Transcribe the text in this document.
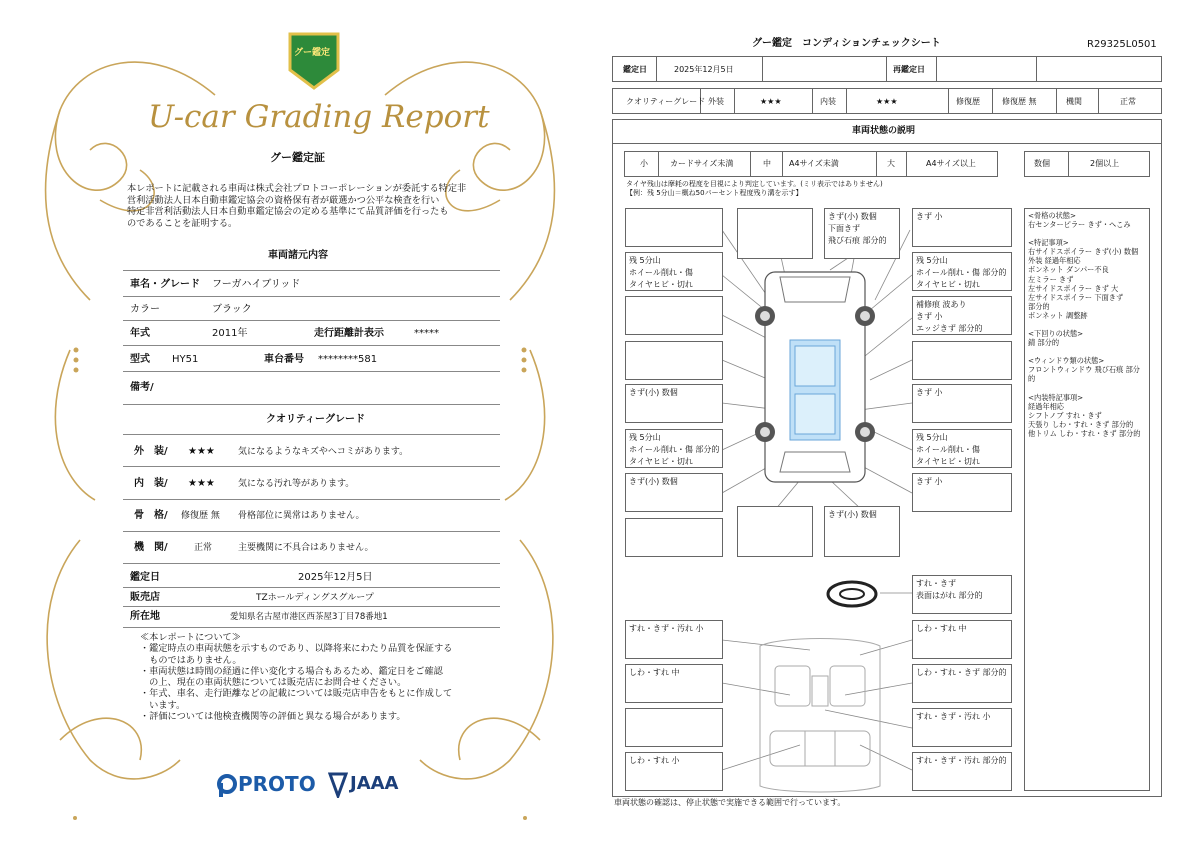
グー鑑定
U-car Grading Report
グー鑑定証
本レポートに記載される車両は株式会社プロトコーポレーションが委託する特定非
営利活動法人日本自動車鑑定協会の資格保有者が厳選かつ公平な検査を行い
特定非営利活動法人日本自動車鑑定協会の定める基準にて品質評価を行ったも
のであることを証明する。
車両諸元内容
車名・グレード フーガハイブリッド
カラー	ブラック
年式	2011年	走行距離計表示	*****
型式 HY51	車台番号 ********581
備考/
クオリティーグレード
外　装/ ★★★	気になるようなキズやヘコミがあります。
内　装/ ★★★	気になる汚れ等があります。
骨　格/ 修復歴 無 骨格部位に異常はありません。
機　関/	正常	主要機関に不具合はありません。
鑑定日	2025年12月5日
販売店	TZホールディングスグループ
所在地	愛知県名古屋市港区西茶屋3丁目78番地1
≪本レポートについて≫
・鑑定時点の車両状態を示すものであり、以降将来にわたり品質を保証する
　ものではありません。
・車両状態は時間の経過に伴い変化する場合もあるため、鑑定日をご確認
　の上、現在の車両状態については販売店にお問合せください。
・年式、車名、走行距離などの記載については販売店申告をもとに作成して
　います。
・評価については他検査機関等の評価と異なる場合があります。
PROTO JAAA
グー鑑定　コンディションチェックシート	R29325L0501
鑑定日	2025年12月5日	再鑑定日
クオリティーグレード 外装	★★★	内装	★★★	修復歴	修復歴 無	機関	正常
車両状態の説明
小	カードサイズ未満	中 A4サイズ未満	大	A4サイズ以上	数個	2個以上
タイヤ残山は摩耗の程度を目視により判定しています。(ミリ表示ではありません)
【例：残 5分山＝概ね50パーセント程度残り溝を示す】
きず(小) 数個
下面きず
飛び石痕 部分的
きず 小
残 5分山
ホイール削れ・傷
タイヤヒビ・切れ
残 5分山
ホイール削れ・傷 部分的
タイヤヒビ・切れ
補修痕 波あり
きず 小
エッジきず 部分的
きず(小) 数個	きず 小
残 5分山
ホイール削れ・傷 部分的
タイヤヒビ・切れ
残 5分山
ホイール削れ・傷
タイヤヒビ・切れ
きず(小) 数個	きず 小
きず(小) 数個
すれ・きず
表面はがれ 部分的
すれ・きず・汚れ 小	しわ・すれ 中
しわ・すれ 中	しわ・すれ・きず 部分的
すれ・きず・汚れ 小
しわ・すれ 小	すれ・きず・汚れ 部分的
<骨格の状態>
右センターピラー きず・へこみ
<特記事項>
右サイドスポイラー きず(小) 数個
外装 経過年相応
ボンネット ダンパー不良
左ミラー きず
左サイドスポイラー きず 大
左サイドスポイラー 下面きず
部分的
ボンネット 調整跡
<下回りの状態>
錆 部分的
<ウィンドウ類の状態>
フロントウィンドウ 飛び石痕 部分的
<内装特記事項>
経過年相応
シフトノブ すれ・きず
天張り しわ・すれ・きず 部分的
他トリム しわ・すれ・きず 部分的
車両状態の確認は、停止状態で実施できる範囲で行っています。
